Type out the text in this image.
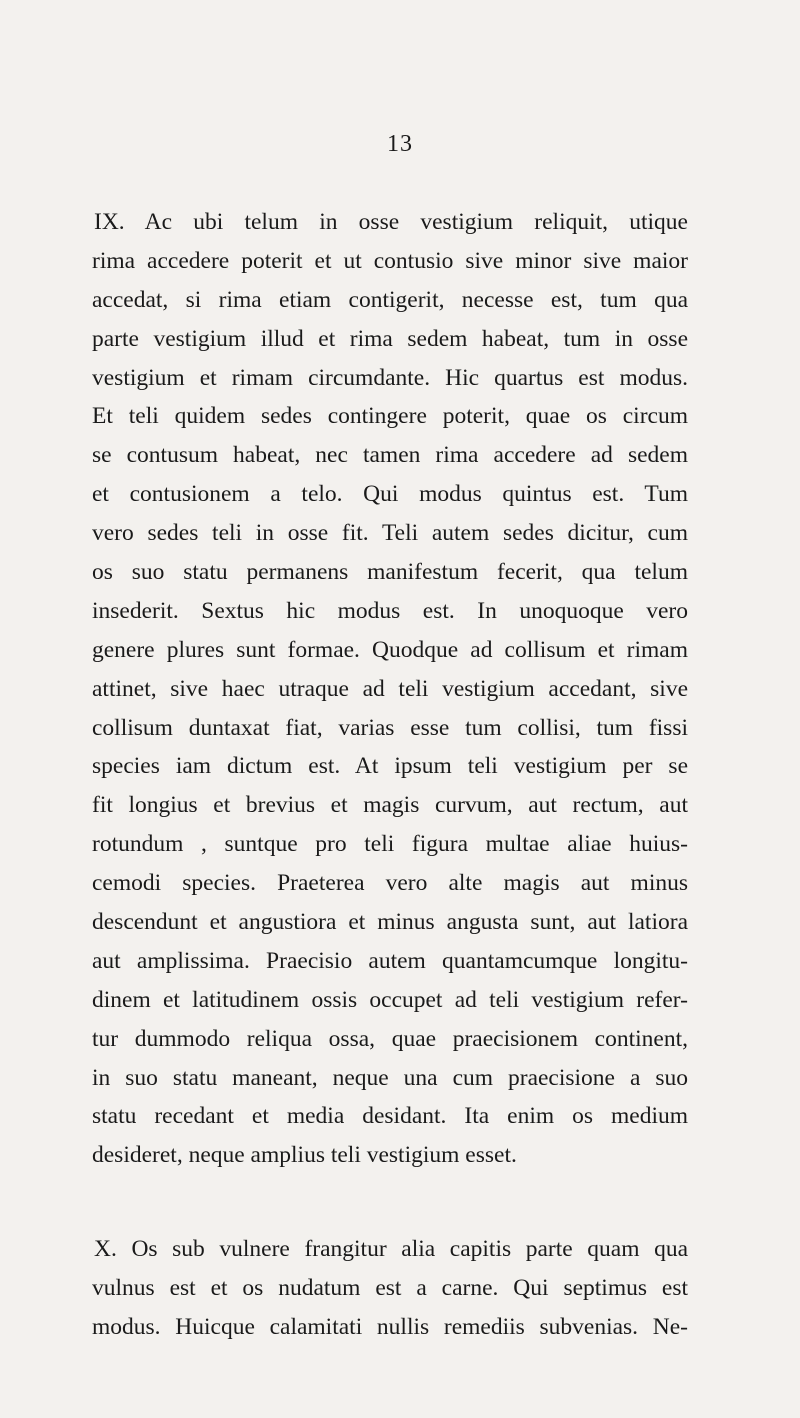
13
IX. Ac ubi telum in osse vestigium reliquit, utique
rima accedere poterit et ut contusio sive minor sive maior
accedat, si rima etiam contigerit, necesse est, tum qua
parte vestigium illud et rima sedem habeat, tum in osse
vestigium et rimam circumdante. Hic quartus est modus.
Et teli quidem sedes contingere poterit, quae os circum
se contusum habeat, nec tamen rima accedere ad sedem
et contusionem a telo. Qui modus quintus est. Tum
vero sedes teli in osse fit. Teli autem sedes dicitur, cum
os suo statu permanens manifestum fecerit, qua telum
insederit. Sextus hic modus est. In unoquoque vero
genere plures sunt formae. Quodque ad collisum et rimam
attinet, sive haec utraque ad teli vestigium accedant, sive
collisum duntaxat fiat, varias esse tum collisi, tum fissi
species iam dictum est. At ipsum teli vestigium per se
fit longius et brevius et magis curvum, aut rectum, aut
rotundum , suntque pro teli figura multae aliae huius-
cemodi species. Praeterea vero alte magis aut minus
descendunt et angustiora et minus angusta sunt, aut latiora
aut amplissima. Praecisio autem quantamcumque longitu-
dinem et latitudinem ossis occupet ad teli vestigium refer-
tur dummodo reliqua ossa, quae praecisionem continent,
in suo statu maneant, neque una cum praecisione a suo
statu recedant et media desidant. Ita enim os medium
desideret, neque amplius teli vestigium esset.
X. Os sub vulnere frangitur alia capitis parte quam qua
vulnus est et os nudatum est a carne. Qui septimus est
modus. Huicque calamitati nullis remediis subvenias. Ne-
